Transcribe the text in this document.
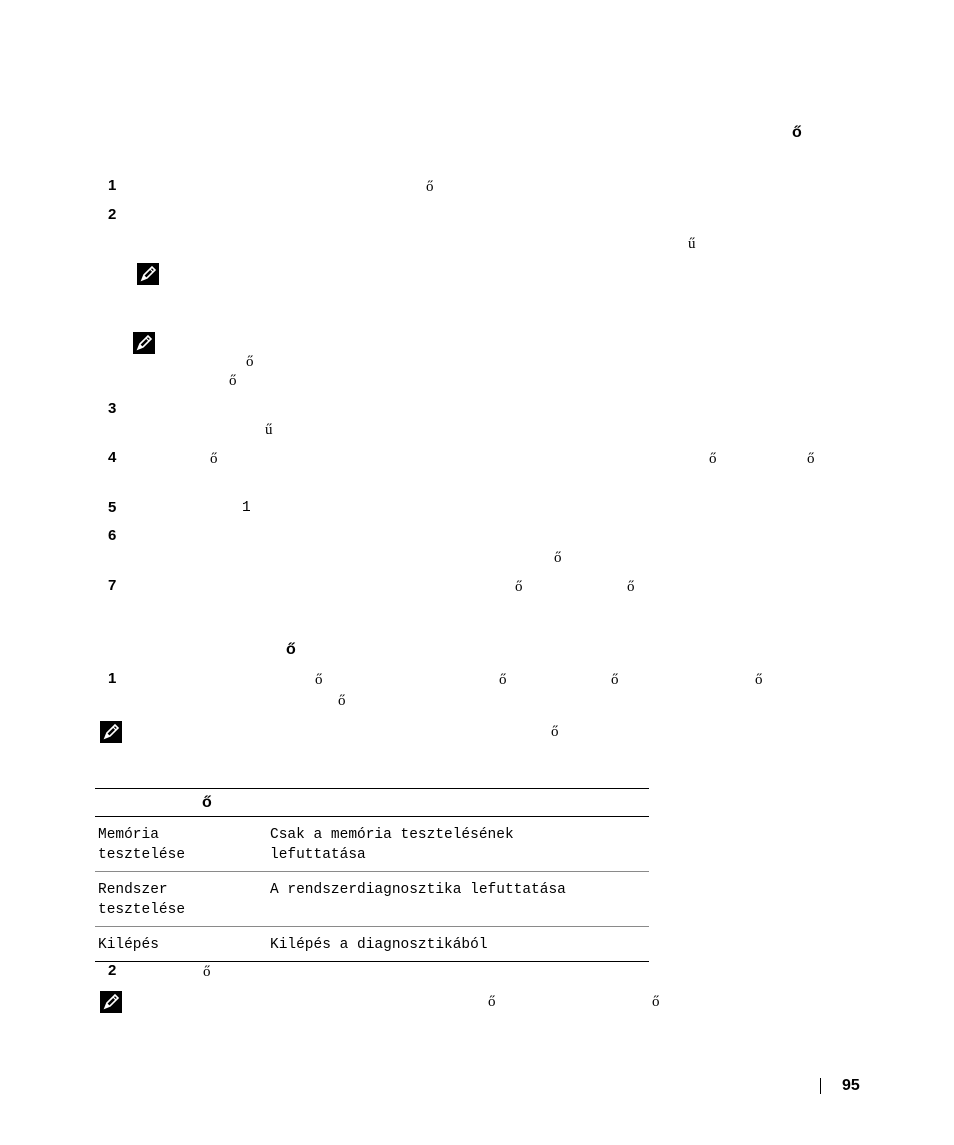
ő
1	ő
2
ű
ő
ő
3
ű
4	ő	ő	ő
5	1
6
ő
7	ő	ő
ő
1	ő	ő	ő	ő
ő
ő
ő	
Memória
tesztelése	Csak a memória tesztelésének
lefuttatása
Rendszer
tesztelése	A rendszerdiagnosztika lefuttatása
Kilépés	Kilépés a diagnosztikából
2	ő
ő	ő
95
